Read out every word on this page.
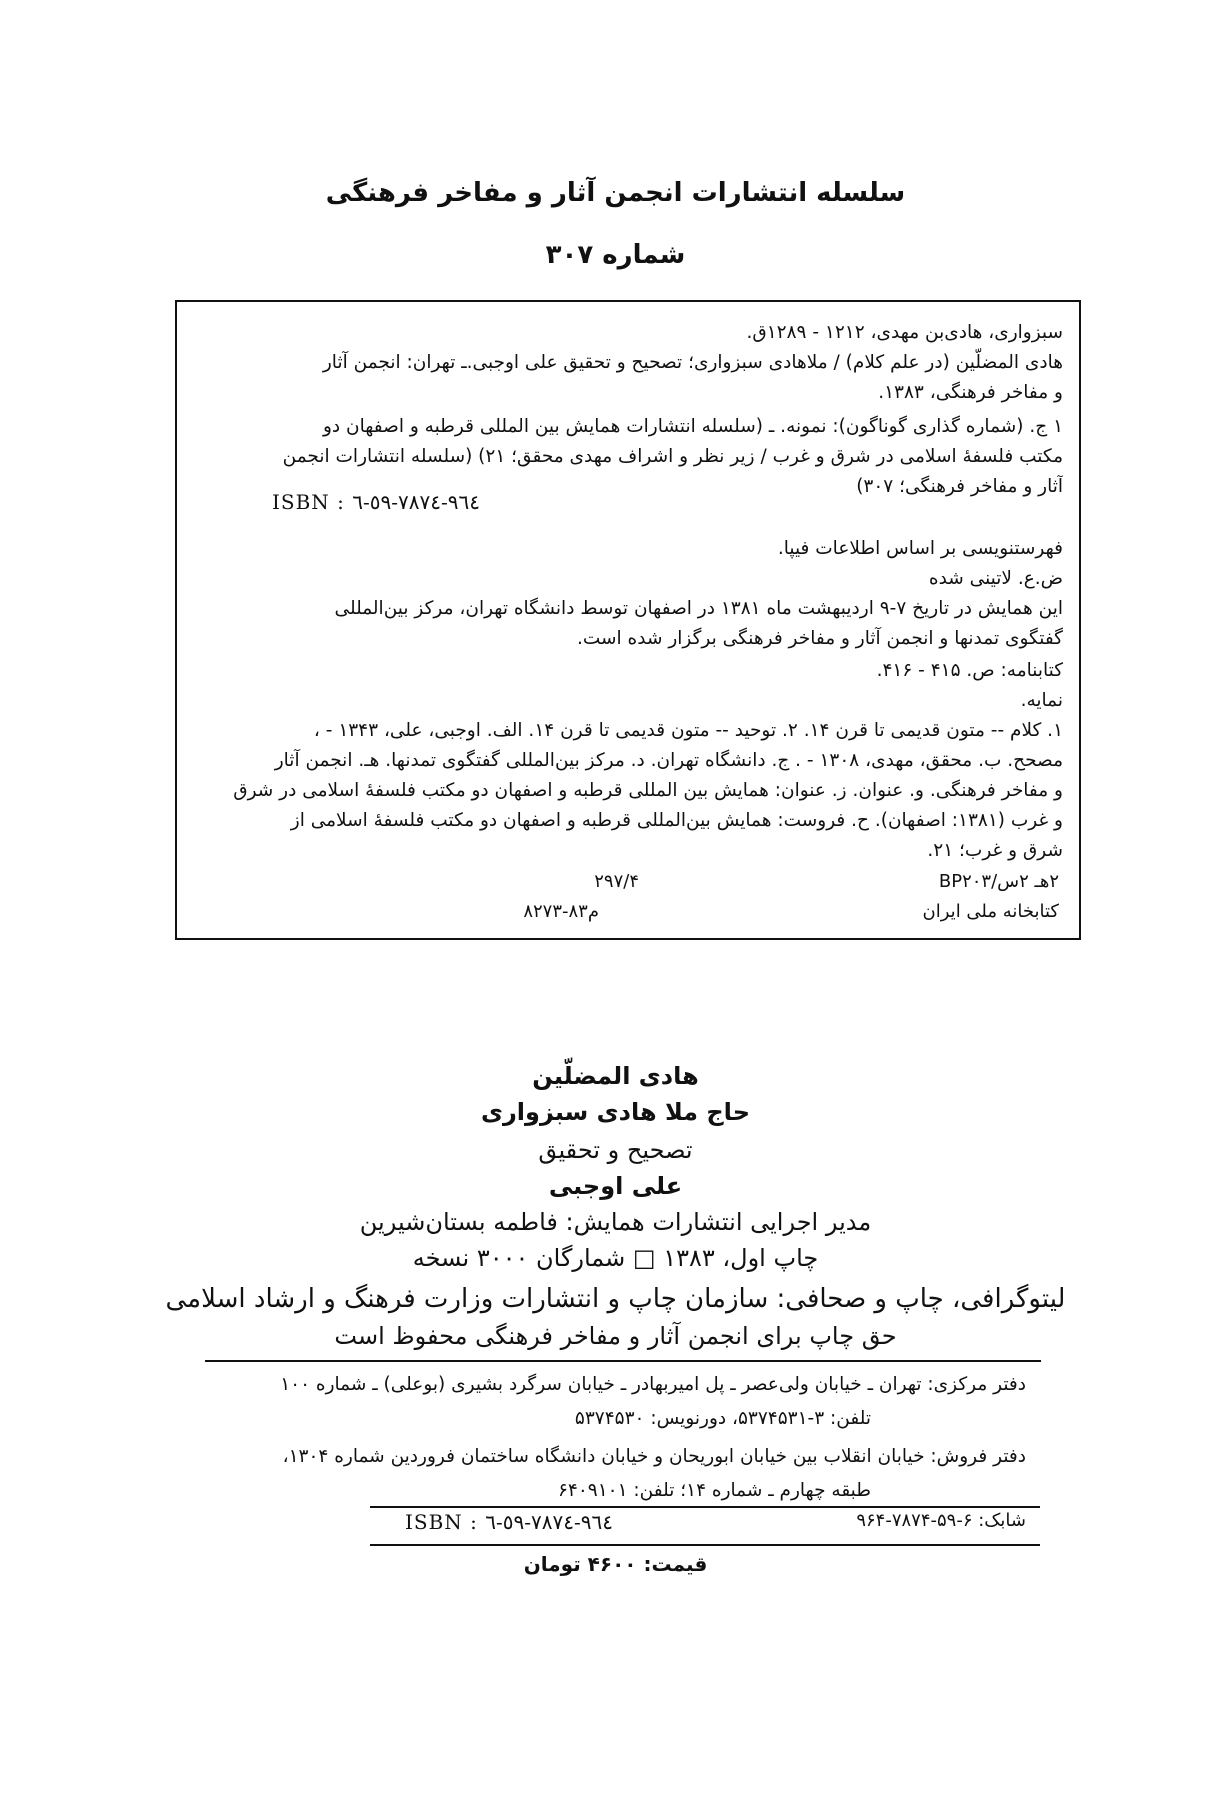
سلسله انتشارات انجمن آثار و مفاخر فرهنگی
شماره ۳۰۷
سبزواری، هادی‌بن مهدی، ۱۲۱۲ - ۱۲۸۹ق.
هادی المضلّین (در علم کلام) / ملاهادی سبزواری؛ تصحیح و تحقیق علی اوجبی.ـ تهران: انجمن آثار
و مفاخر فرهنگی، ۱۳۸۳.
۱ ج. (شماره گذاری گوناگون): نمونه. ـ (سلسله انتشارات همایش بین المللی قرطبه و اصفهان دو
مکتب فلسفهٔ اسلامی در شرق و غرب / زیر نظر و اشراف مهدی محقق؛ ۲۱) (سلسله انتشارات انجمن
آثار و مفاخر فرهنگی؛ ۳۰۷)
ISBN : ٩٦٤-٧٨٧٤-٥٩-٦
فهرستنویسی بر اساس اطلاعات فیپا.
ض.ع. لاتینی شده
این همایش در تاریخ ۷-۹ اردیبهشت ماه ۱۳۸۱ در اصفهان توسط دانشگاه تهران، مرکز بین‌المللی
گفتگوی تمدنها و انجمن آثار و مفاخر فرهنگی برگزار شده است.
کتابنامه: ص. ۴۱۵ - ۴۱۶.
نمایه.
۱. کلام -- متون قدیمی تا قرن ۱۴. ۲. توحید -- متون قدیمی تا قرن ۱۴. الف. اوجبی، علی، ۱۳۴۳ - ،
مصحح. ب. محقق، مهدی، ۱۳۰۸ - . ج. دانشگاه تهران. د. مرکز بین‌المللی گفتگوی تمدنها. هـ. انجمن آثار
و مفاخر فرهنگی. و. عنوان. ز. عنوان: همایش بین المللی قرطبه و اصفهان دو مکتب فلسفهٔ اسلامی در شرق
و غرب (۱۳۸۱: اصفهان). ح. فروست: همایش بین‌المللی قرطبه و اصفهان دو مکتب فلسفهٔ اسلامی از
شرق و غرب؛ ۲۱.
۲هـ ۲س/BP۲۰۳
۲۹۷/۴
کتابخانه ملی ایران
م۸۳-۸۲۷۳
هادی المضلّین
حاج ملا هادی سبزواری
تصحیح و تحقیق
علی اوجبی
مدیر اجرایی انتشارات همایش: فاطمه بستان‌شیرین
چاپ اول، ۱۳۸۳ □ شمارگان ۳۰۰۰ نسخه
لیتوگرافی، چاپ و صحافی: سازمان چاپ و انتشارات وزارت فرهنگ و ارشاد اسلامی
حق چاپ برای انجمن آثار و مفاخر فرهنگی محفوظ است
دفتر مرکزی: تهران ـ خیابان ولی‌عصر ـ پل امیربهادر ـ خیابان سرگرد بشیری (بوعلی) ـ شماره ۱۰۰
تلفن: ۳-۵۳۷۴۵۳۱، دورنویس: ۵۳۷۴۵۳۰
دفتر فروش: خیابان انقلاب بین خیابان ابوریحان و خیابان دانشگاه ساختمان فروردین شماره ۱۳۰۴،
طبقه چهارم ـ شماره ۱۴؛ تلفن: ۶۴۰۹۱۰۱
شابک: ۶-۵۹-۷۸۷۴-۹۶۴
ISBN : ٩٦٤-٧٨٧٤-٥٩-٦
قیمت: ۴۶۰۰ تومان
